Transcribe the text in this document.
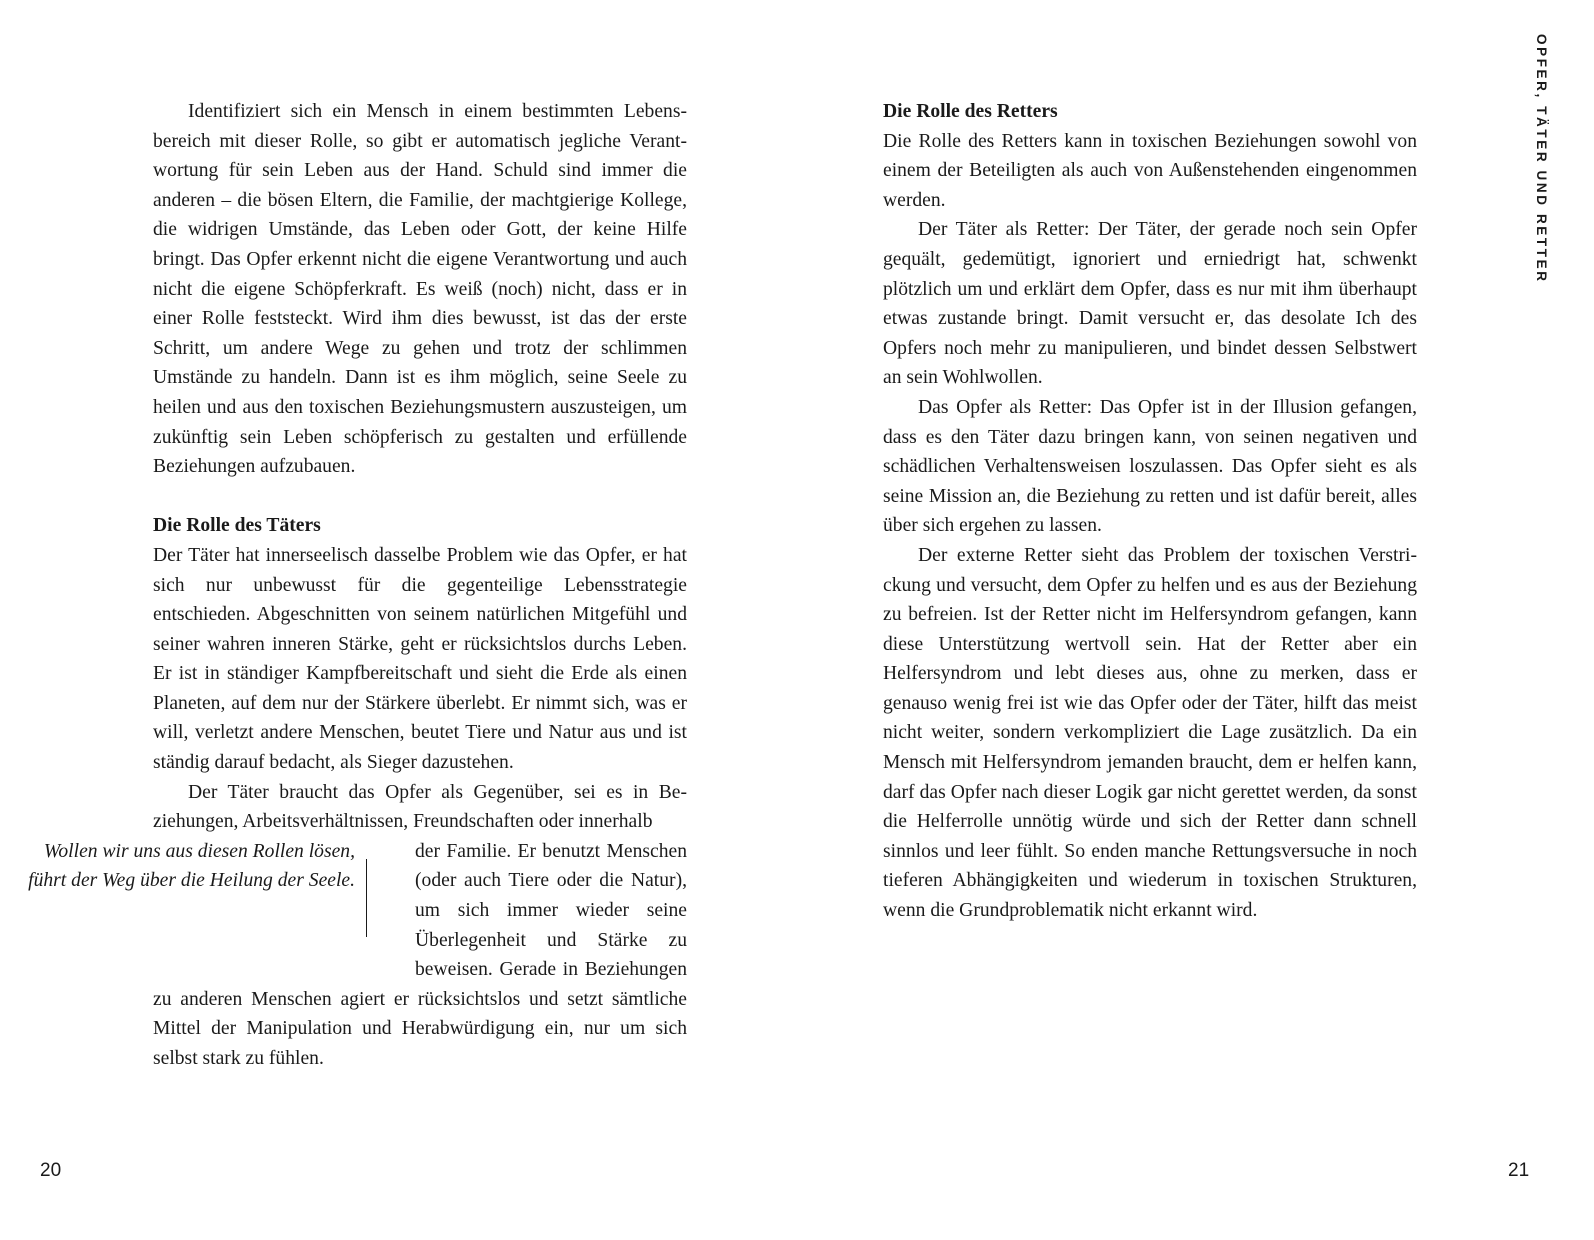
Identifiziert sich ein Mensch in einem bestimmten Lebensbereich mit dieser Rolle, so gibt er automatisch jegliche Verantwortung für sein Leben aus der Hand. Schuld sind immer die anderen – die bösen Eltern, die Familie, der machtgierige Kollege, die widrigen Umstände, das Leben oder Gott, der keine Hilfe bringt. Das Opfer erkennt nicht die eigene Verantwortung und auch nicht die eigene Schöpferkraft. Es weiß (noch) nicht, dass er in einer Rolle feststeckt. Wird ihm dies bewusst, ist das der erste Schritt, um andere Wege zu gehen und trotz der schlimmen Umstände zu handeln. Dann ist es ihm möglich, seine Seele zu heilen und aus den toxischen Beziehungsmustern auszusteigen, um zukünftig sein Leben schöpferisch zu gestalten und erfüllende Beziehungen aufzubauen.

Die Rolle des Täters

Der Täter hat innerseelisch dasselbe Problem wie das Opfer, er hat sich nur unbewusst für die gegenteilige Lebensstrategie entschieden. Abgeschnitten von seinem natürlichen Mitgefühl und seiner wahren inneren Stärke, geht er rücksichtslos durchs Leben. Er ist in ständiger Kampfbereitschaft und sieht die Erde als einen Planeten, auf dem nur der Stärkere überlebt. Er nimmt sich, was er will, verletzt andere Menschen, beutet Tiere und Natur aus und ist ständig darauf bedacht, als Sieger dazustehen.

Der Täter braucht das Opfer als Gegenüber, sei es in Beziehungen, Arbeitsverhältnissen, Freundschaften oder innerhalb

Wollen wir uns aus diesen Rollen lösen, führt der Weg über die Heilung der Seele.

der Familie. Er benutzt Menschen (oder auch Tiere oder die Natur), um sich immer wieder seine Überlegenheit und Stärke zu beweisen. Gerade in Beziehungen zu anderen Menschen agiert er rücksichtslos und setzt sämtliche Mittel der Manipulation und Herabwürdigung ein, nur um sich selbst stark zu fühlen.

20

Die Rolle des Retters

Die Rolle des Retters kann in toxischen Beziehungen sowohl von einem der Beteiligten als auch von Außenstehenden eingenommen werden.

Der Täter als Retter: Der Täter, der gerade noch sein Opfer gequält, gedemütigt, ignoriert und erniedrigt hat, schwenkt plötzlich um und erklärt dem Opfer, dass es nur mit ihm überhaupt etwas zustande bringt. Damit versucht er, das desolate Ich des Opfers noch mehr zu manipulieren, und bindet dessen Selbstwert an sein Wohlwollen.

Das Opfer als Retter: Das Opfer ist in der Illusion gefangen, dass es den Täter dazu bringen kann, von seinen negativen und schädlichen Verhaltensweisen loszulassen. Das Opfer sieht es als seine Mission an, die Beziehung zu retten und ist dafür bereit, alles über sich ergehen zu lassen.

Der externe Retter sieht das Problem der toxischen Verstrickung und versucht, dem Opfer zu helfen und es aus der Beziehung zu befreien. Ist der Retter nicht im Helfersyndrom gefangen, kann diese Unterstützung wertvoll sein. Hat der Retter aber ein Helfersyndrom und lebt dieses aus, ohne zu merken, dass er genauso wenig frei ist wie das Opfer oder der Täter, hilft das meist nicht weiter, sondern verkompliziert die Lage zusätzlich. Da ein Mensch mit Helfersyndrom jemanden braucht, dem er helfen kann, darf das Opfer nach dieser Logik gar nicht gerettet werden, da sonst die Helferrolle unnötig würde und sich der Retter dann schnell sinnlos und leer fühlt. So enden manche Rettungsversuche in noch tieferen Abhängigkeiten und wiederum in toxischen Strukturen, wenn die Grundproblematik nicht erkannt wird.

OPFER, TÄTER UND RETTER
21
